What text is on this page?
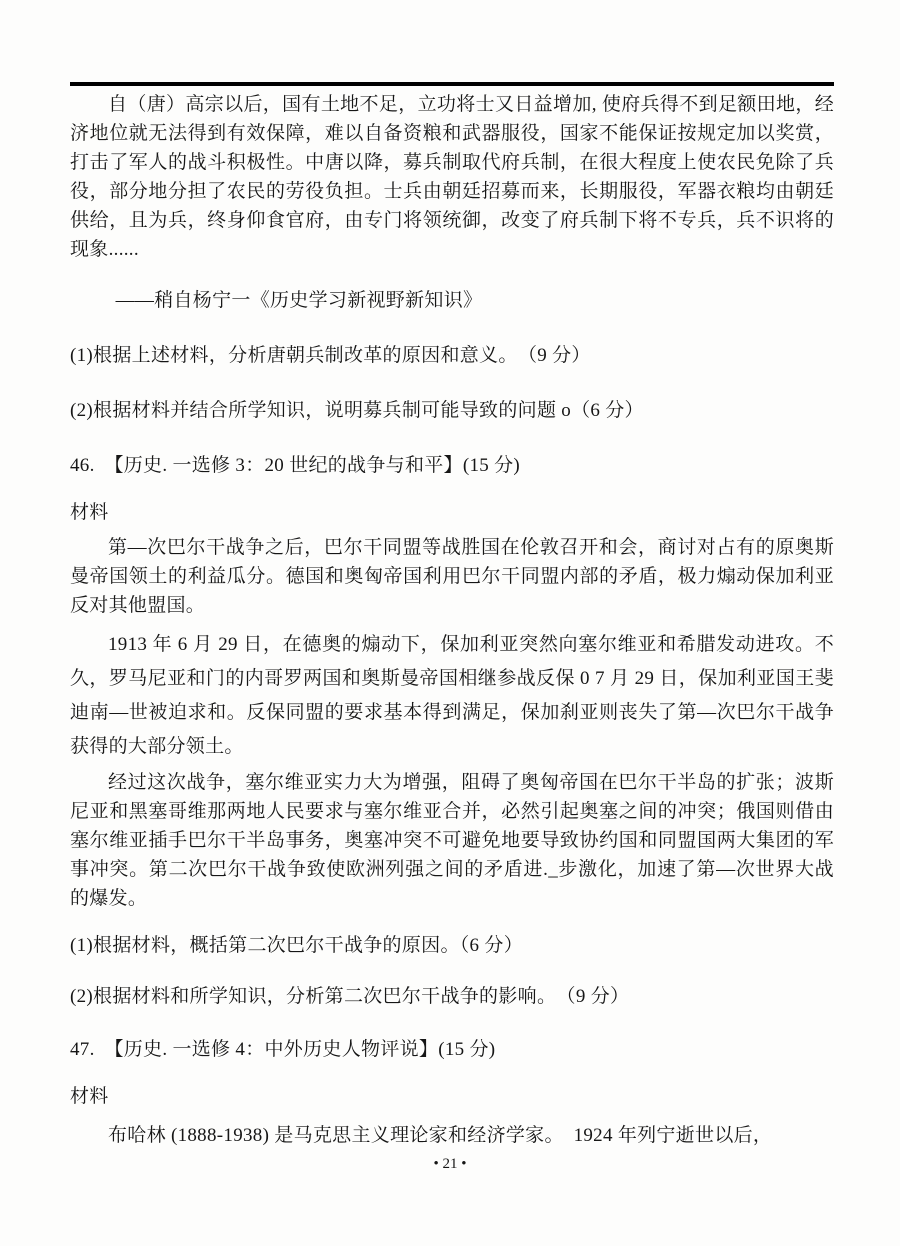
自（唐）高宗以后，国有土地不足，立功将士又日益增加, 使府兵得不到足额田地，经济地位就无法得到有效保障，难以自备资粮和武器服役，国家不能保证按规定加以奖赏，打击了军人的战斗积极性。中唐以降，募兵制取代府兵制，在很大程度上使农民免除了兵役，部分地分担了农民的劳役负担。士兵由朝廷招募而来，长期服役，军器衣粮均由朝廷供给，且为兵，终身仰食官府，由专门将领统御，改变了府兵制下将不专兵，兵不识将的现象......

——稍自杨宁一《历史学习新视野新知识》

(1)根据上述材料，分析唐朝兵制改革的原因和意义。　（9 分）

(2)根据材料并结合所学知识，说明募兵制可能导致的问题 o（6 分）

46.　【历史. 一选修 3：20 世纪的战争与和平】(15 分)

材料

第—次巴尔干战争之后，巴尔干同盟等战胜国在伦敦召开和会，商讨对占有的原奥斯曼帝国领土的利益瓜分。德国和奥匈帝国利用巴尔干同盟内部的矛盾，极力煽动保加利亚反对其他盟国。

1913 年 6 月 29 日，在德奥的煽动下，保加利亚突然向塞尔维亚和希腊发动进攻。不久，罗马尼亚和门的内哥罗两国和奥斯曼帝国相继参战反保 0 7 月 29 日，保加利亚国王斐迪南—世被迫求和。反保同盟的要求基本得到满足，保加刹亚则丧失了第—次巴尔干战争获得的大部分领土。

经过这次战争，塞尔维亚实力大为增强，阻碍了奥匈帝国在巴尔干半岛的扩张；波斯尼亚和黑塞哥维那两地人民要求与塞尔维亚合并，必然引起奥塞之间的冲突；俄国则借由塞尔维亚插手巴尔干半岛事务，奥塞冲突不可避免地要导致协约国和同盟国两大集团的军事冲突。第二次巴尔干战争致使欧洲列强之间的矛盾进._步激化，加速了第—次世界大战的爆发。

(1)根据材料，概括第二次巴尔干战争的原因。（6 分）

(2)根据材料和所学知识，分析第二次巴尔干战争的影响。　（9 分）

47.　【历史. 一选修 4：中外历史人物评说】(15 分)

材料

布哈林 (1888-1938) 是马克思主义理论家和经济学家。　1924 年列宁逝世以后，

• 21 •
